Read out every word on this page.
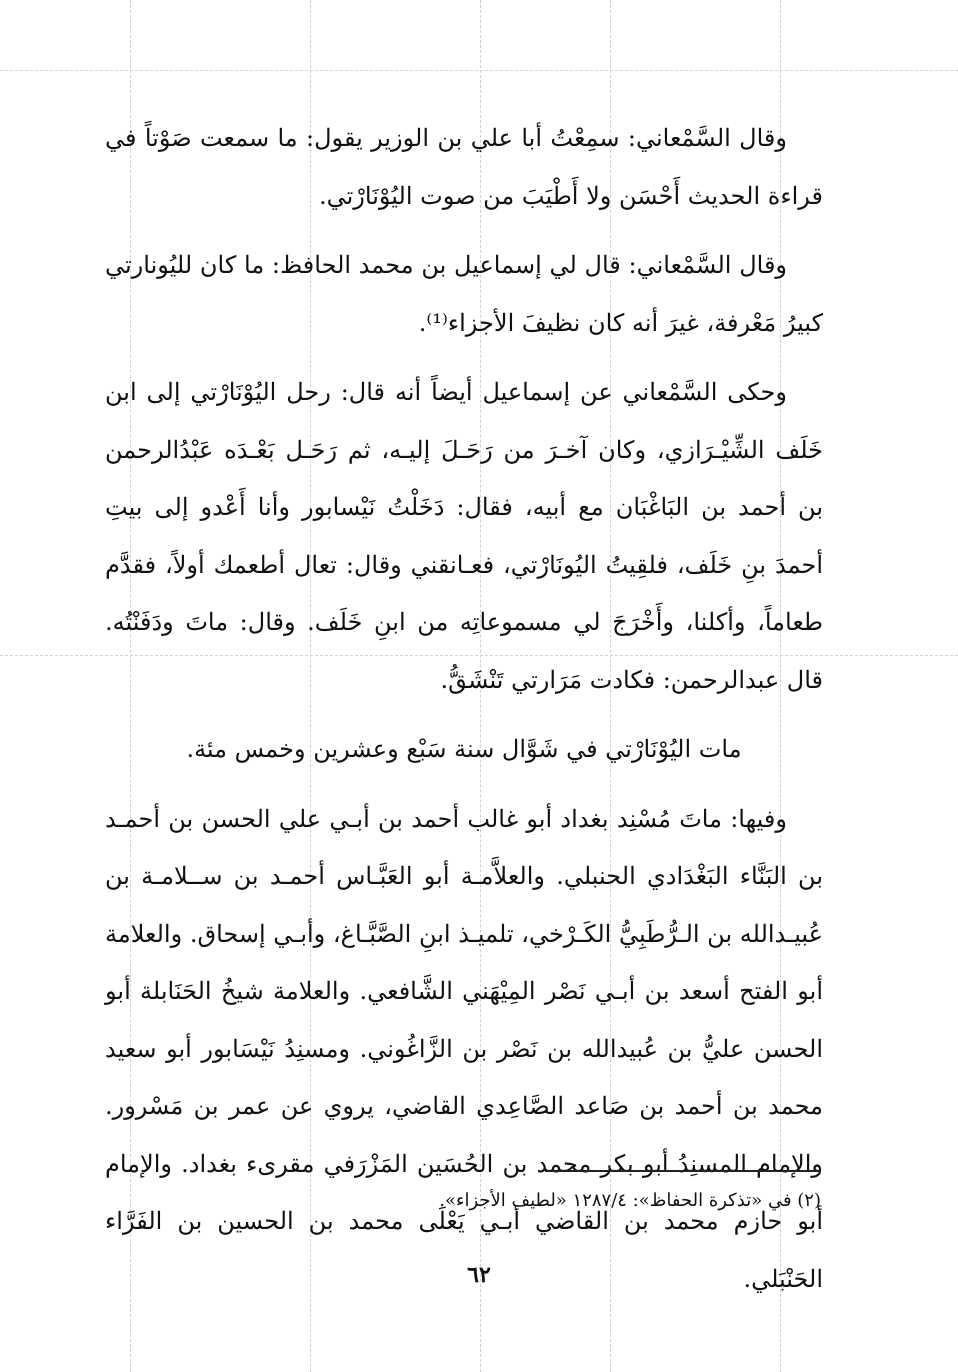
وقال السَّمْعاني: سمِعْتُ أبا علي بن الوزير يقول: ما سمعت صَوْتاً في قراءة الحديث أَحْسَن ولا أَطْيَبَ من صوت اليُوْنَارْتي.

وقال السَّمْعاني: قال لي إسماعيل بن محمد الحافظ: ما كان لليُونارتي كبيرُ مَعْرفة، غيرَ أنه كان نظيفَ الأجزاء⁽¹⁾.

وحكى السَّمْعاني عن إسماعيل أيضاً أنه قال: رحل اليُوْنَارْتي إلى ابن خَلَف الشِّيْـرَازي، وكان آخـرَ من رَحَـلَ إليـه، ثم رَحَـل بَعْـدَه عَبْدُالرحمن بن أحمد بن البَاغْبَان مع أبيه، فقال: دَخَلْتُ نَيْسابور وأنا أَعْدو إلى بيتِ أحمدَ بنِ خَلَف، فلقِيتُ اليُونَارْتي، فعـانقني وقال: تعال أطعمك أولاً، فقدَّم طعاماً، وأكلنا، وأَخْرَجَ لي مسموعاتِه من ابنِ خَلَف. وقال: ماتَ ودَفَنْتُه. قال عبدالرحمن: فكادت مَرَارتي تَنْشَقُّ.

مات اليُوْنَارْتي في شَوَّال سنة سَبْع وعشرين وخمس مئة.

وفيها: ماتَ مُسْنِد بغداد أبو غالب أحمد بن أبـي علي الحسن بن أحمـد بن البَنَّاء البَغْدَادي الحنبلي. والعلاَّمـة أبو العَبَّـاس أحمـد بن ســلامـة بن عُبيـدالله بن الـرُّطَبِيُّ الكَـرْخي، تلميـذ ابنِ الصَّبَّـاغ، وأبـي إسحاق. والعلامة أبو الفتح أسعد بن أبـي نَصْر المِيْهَني الشَّافعي. والعلامة شيخُ الحَنَابلة أبو الحسن عليُّ بن عُبيدالله بن نَصْر بن الزَّاغُوني. ومسنِدُ نَيْسَابور أبو سعيد محمد بن أحمد بن صَاعد الصَّاعِدي القاضي، يروي عن عمر بن مَسْرور. والإمام المسنِدُ أبو بكر محمد بن الحُسَين المَزْرَفي مقرىء بغداد. والإمام أبو حازم محمد بن القاضي أبـي يَعْلَى محمد بن الحسين بن الفَرَّاء الحَنْبَلي.

(٢) في «تذكرة الحفاظ»: ١٢٨٧/٤ «لطيف الأجزاء».
٦٢
